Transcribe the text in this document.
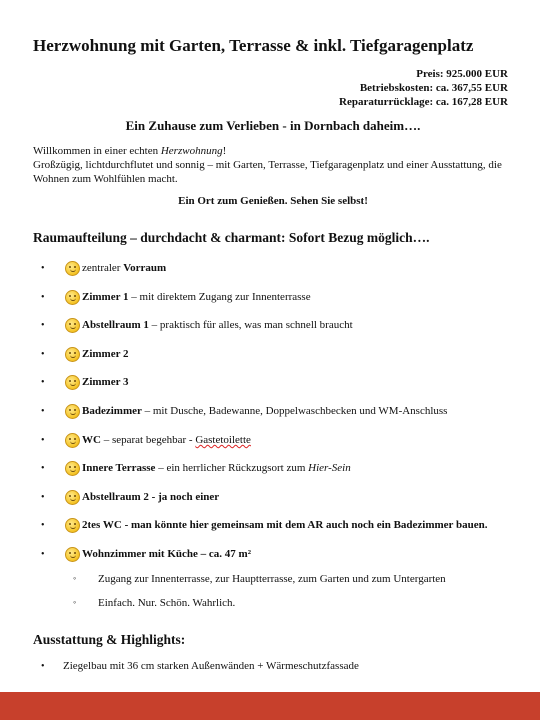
Herzwohnung mit Garten, Terrasse & inkl. Tiefgaragenplatz
Preis: 925.000 EUR
Betriebskosten: ca. 367,55 EUR
Reparaturrücklage: ca. 167,28 EUR
Ein Zuhause zum Verlieben - in Dornbach daheim….
Willkommen in einer echten Herzwohnung!
Großzügig, lichtdurchflutet und sonnig – mit Garten, Terrasse, Tiefgaragenplatz und einer Ausstattung, die Wohnen zum Wohlfühlen macht.
Ein Ort zum Genießen. Sehen Sie selbst!
Raumaufteilung – durchdacht & charmant: Sofort Bezug möglich….
•	zentraler Vorraum
•	Zimmer 1 – mit direktem Zugang zur Innenterrasse
•	Abstellraum 1 – praktisch für alles, was man schnell braucht
•	Zimmer 2
•	Zimmer 3
•	Badezimmer – mit Dusche, Badewanne, Doppelwaschbecken und WM-Anschluss
•	WC – separat begehbar - Gastetoilette
•	Innere Terrasse – ein herrlicher Rückzugsort zum Hier-Sein
•	Abstellraum 2 - ja noch einer
•	2tes WC - man könnte hier gemeinsam mit dem AR auch noch ein Badezimmer bauen.
•	Wohnzimmer mit Küche – ca. 47 m²
◦ Zugang zur Innenterrasse, zur Hauptterrasse, zum Garten und zum Untergarten
◦ Einfach. Nur. Schön. Wahrlich.
Ausstattung & Highlights:
• Ziegelbau mit 36 cm starken Außenwänden + Wärmeschutzfassade
